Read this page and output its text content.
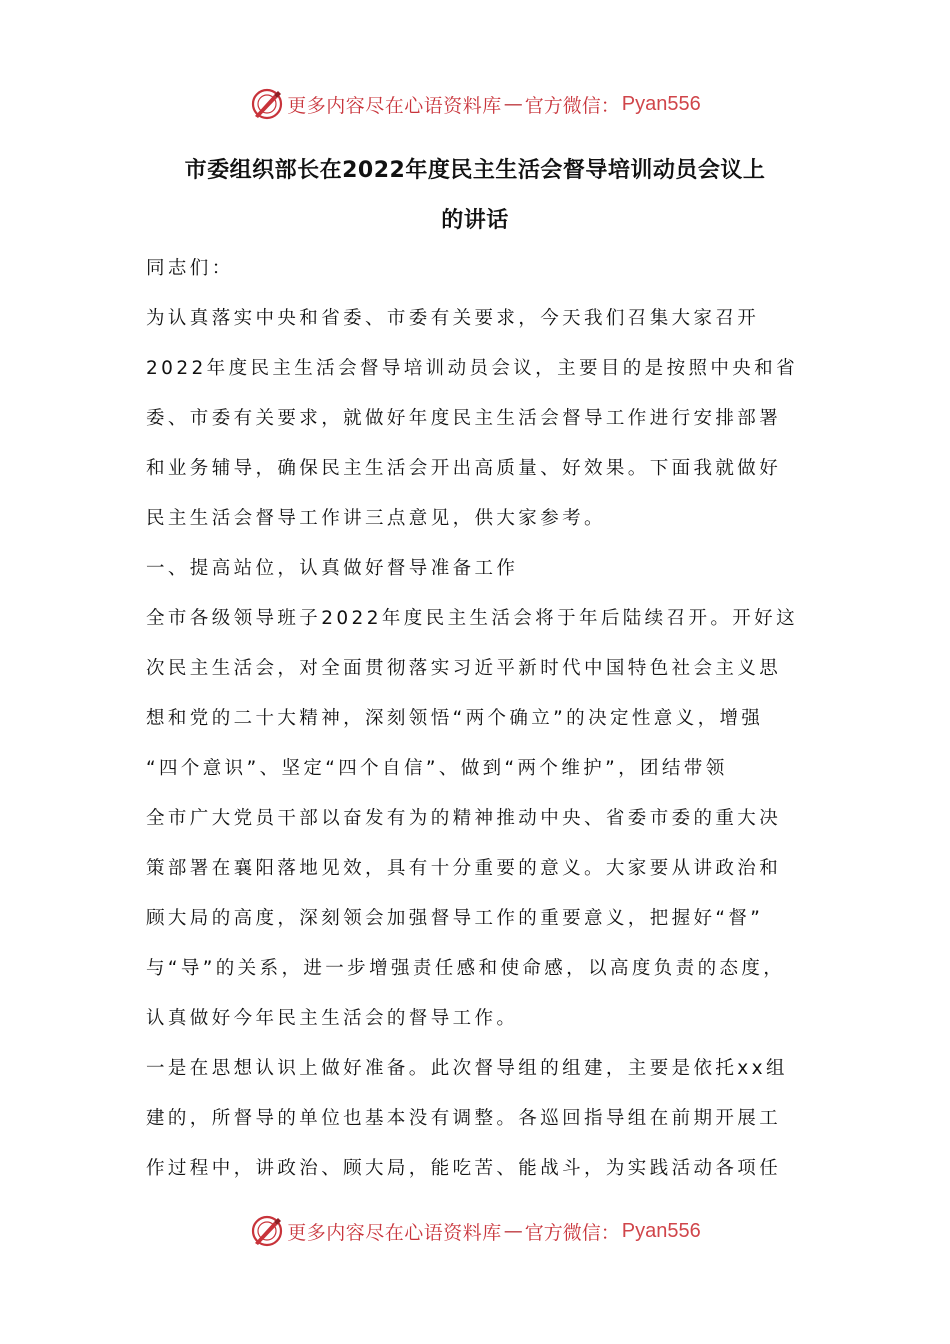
更多内容尽在心语资料库 — 官方微信： Pyan556
市委组织部长在2022年度民主生活会督导培训动员会议上
的讲话

同志们：

为认真落实中央和省委、市委有关要求，今天我们召集大家召开

2022年度民主生活会督导培训动员会议，主要目的是按照中央和省

委、市委有关要求，就做好年度民主生活会督导工作进行安排部署

和业务辅导，确保民主生活会开出高质量、好效果。下面我就做好

民主生活会督导工作讲三点意见，供大家参考。

一、提高站位，认真做好督导准备工作

全市各级领导班子2022年度民主生活会将于年后陆续召开。开好这

次民主生活会，对全面贯彻落实习近平新时代中国特色社会主义思

想和党的二十大精神，深刻领悟“两个确立”的决定性意义，增强

“四个意识”、坚定“四个自信”、做到“两个维护”，团结带领

全市广大党员干部以奋发有为的精神推动中央、省委市委的重大决

策部署在襄阳落地见效，具有十分重要的意义。大家要从讲政治和

顾大局的高度，深刻领会加强督导工作的重要意义，把握好“督”

与“导”的关系，进一步增强责任感和使命感，以高度负责的态度，

认真做好今年民主生活会的督导工作。

一是在思想认识上做好准备。此次督导组的组建，主要是依托xx组

建的，所督导的单位也基本没有调整。各巡回指导组在前期开展工

作过程中，讲政治、顾大局，能吃苦、能战斗，为实践活动各项任

更多内容尽在心语资料库 — 官方微信： Pyan556
